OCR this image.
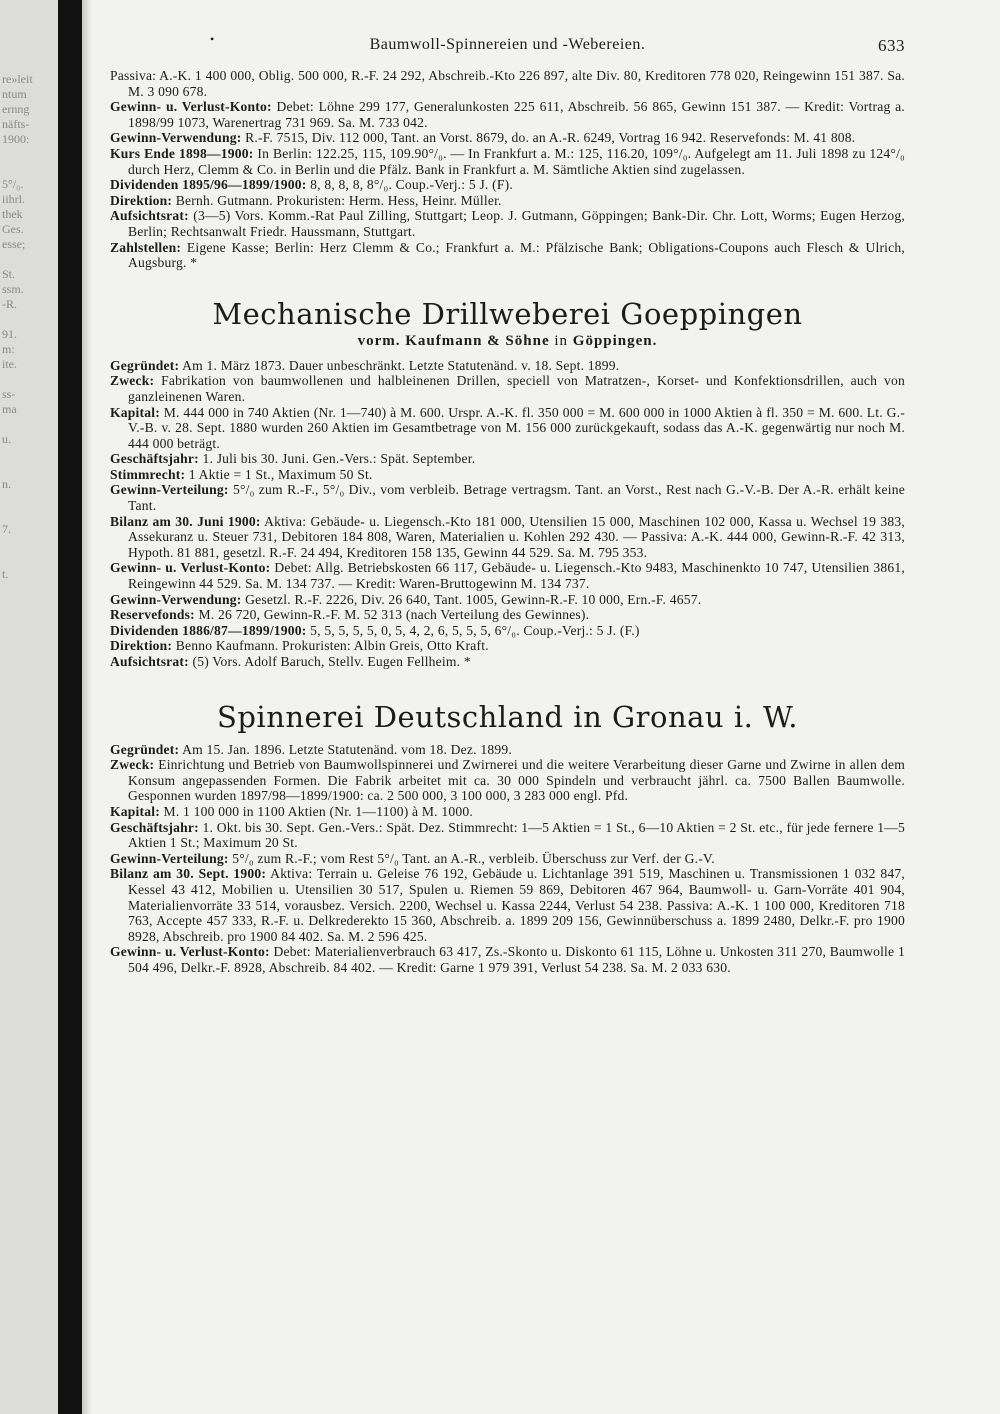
re»leit
ntum
ernng
näfts-
1900:

5°/₀.
iihrl.
thek
Ges.
esse;

St.
ssm.
-R.

91.
m:
ite.

ss-
ma

u.

n.

7.

t.
•	Baumwoll-Spinnereien und -Webereien.	633

Passiva: A.-K. 1 400 000, Oblig. 500 000, R.-F. 24 292, Abschreib.-Kto 226 897, alte Div. 80, Kreditoren 778 020, Reingewinn 151 387. Sa. M. 3 090 678.

Gewinn- u. Verlust-Konto: Debet: Löhne 299 177, Generalunkosten 225 611, Abschreib. 56 865, Gewinn 151 387. — Kredit: Vortrag a. 1898/99 1073, Warenertrag 731 969. Sa. M. 733 042.

Gewinn-Verwendung: R.-F. 7515, Div. 112 000, Tant. an Vorst. 8679, do. an A.-R. 6249, Vortrag 16 942. Reservefonds: M. 41 808.

Kurs Ende 1898—1900: In Berlin: 122.25, 115, 109.90°/₀. — In Frankfurt a. M.: 125, 116.20, 109°/₀. Aufgelegt am 11. Juli 1898 zu 124°/₀ durch Herz, Clemm & Co. in Berlin und die Pfälz. Bank in Frankfurt a. M. Sämtliche Aktien sind zugelassen.

Dividenden 1895/96—1899/1900: 8, 8, 8, 8, 8°/₀. Coup.-Verj.: 5 J. (F).

Direktion: Bernh. Gutmann. Prokuristen: Herm. Hess, Heinr. Müller.

Aufsichtsrat: (3—5) Vors. Komm.-Rat Paul Zilling, Stuttgart; Leop. J. Gutmann, Göppingen; Bank-Dir. Chr. Lott, Worms; Eugen Herzog, Berlin; Rechtsanwalt Friedr. Haussmann, Stuttgart.

Zahlstellen: Eigene Kasse; Berlin: Herz Clemm & Co.; Frankfurt a. M.: Pfälzische Bank; Obligations-Coupons auch Flesch & Ulrich, Augsburg. *

Mechanische Drillweberei Goeppingen
vorm. Kaufmann & Söhne in Göppingen.

Gegründet: Am 1. März 1873. Dauer unbeschränkt. Letzte Statutenänd. v. 18. Sept. 1899.

Zweck: Fabrikation von baumwollenen und halbleinenen Drillen, speciell von Matratzen-, Korset- und Konfektionsdrillen, auch von ganzleinenen Waren.

Kapital: M. 444 000 in 740 Aktien (Nr. 1—740) à M. 600. Urspr. A.-K. fl. 350 000 = M. 600 000 in 1000 Aktien à fl. 350 = M. 600. Lt. G.-V.-B. v. 28. Sept. 1880 wurden 260 Aktien im Gesamtbetrage von M. 156 000 zurückgekauft, sodass das A.-K. gegenwärtig nur noch M. 444 000 beträgt.

Geschäftsjahr: 1. Juli bis 30. Juni. Gen.-Vers.: Spät. September.

Stimmrecht: 1 Aktie = 1 St., Maximum 50 St.

Gewinn-Verteilung: 5°/₀ zum R.-F., 5°/₀ Div., vom verbleib. Betrage vertragsm. Tant. an Vorst., Rest nach G.-V.-B. Der A.-R. erhält keine Tant.

Bilanz am 30. Juni 1900: Aktiva: Gebäude- u. Liegensch.-Kto 181 000, Utensilien 15 000, Maschinen 102 000, Kassa u. Wechsel 19 383, Assekuranz u. Steuer 731, Debitoren 184 808, Waren, Materialien u. Kohlen 292 430. — Passiva: A.-K. 444 000, Gewinn-R.-F. 42 313, Hypoth. 81 881, gesetzl. R.-F. 24 494, Kreditoren 158 135, Gewinn 44 529. Sa. M. 795 353.

Gewinn- u. Verlust-Konto: Debet: Allg. Betriebskosten 66 117, Gebäude- u. Liegensch.-Kto 9483, Maschinenkto 10 747, Utensilien 3861, Reingewinn 44 529. Sa. M. 134 737. — Kredit: Waren-Bruttogewinn M. 134 737.

Gewinn-Verwendung: Gesetzl. R.-F. 2226, Div. 26 640, Tant. 1005, Gewinn-R.-F. 10 000, Ern.-F. 4657.

Reservefonds: M. 26 720, Gewinn-R.-F. M. 52 313 (nach Verteilung des Gewinnes).

Dividenden 1886/87—1899/1900: 5, 5, 5, 5, 5, 0, 5, 4, 2, 6, 5, 5, 5, 6°/₀. Coup.-Verj.: 5 J. (F.)

Direktion: Benno Kaufmann. Prokuristen: Albin Greis, Otto Kraft.

Aufsichtsrat: (5) Vors. Adolf Baruch, Stellv. Eugen Fellheim. *

Spinnerei Deutschland in Gronau i. W.

Gegründet: Am 15. Jan. 1896. Letzte Statutenänd. vom 18. Dez. 1899.

Zweck: Einrichtung und Betrieb von Baumwollspinnerei und Zwirnerei und die weitere Verarbeitung dieser Garne und Zwirne in allen dem Konsum angepassenden Formen. Die Fabrik arbeitet mit ca. 30 000 Spindeln und verbraucht jährl. ca. 7500 Ballen Baumwolle. Gesponnen wurden 1897/98—1899/1900: ca. 2 500 000, 3 100 000, 3 283 000 engl. Pfd.

Kapital: M. 1 100 000 in 1100 Aktien (Nr. 1—1100) à M. 1000.

Geschäftsjahr: 1. Okt. bis 30. Sept. Gen.-Vers.: Spät. Dez. Stimmrecht: 1—5 Aktien = 1 St., 6—10 Aktien = 2 St. etc., für jede fernere 1—5 Aktien 1 St.; Maximum 20 St.

Gewinn-Verteilung: 5°/₀ zum R.-F.; vom Rest 5°/₀ Tant. an A.-R., verbleib. Überschuss zur Verf. der G.-V.

Bilanz am 30. Sept. 1900: Aktiva: Terrain u. Geleise 76 192, Gebäude u. Lichtanlage 391 519, Maschinen u. Transmissionen 1 032 847, Kessel 43 412, Mobilien u. Utensilien 30 517, Spulen u. Riemen 59 869, Debitoren 467 964, Baumwoll- u. Garn-Vorräte 401 904, Materialienvorräte 33 514, vorausbez. Versich. 2200, Wechsel u. Kassa 2244, Verlust 54 238. Passiva: A.-K. 1 100 000, Kreditoren 718 763, Accepte 457 333, R.-F. u. Delkrederekto 15 360, Abschreib. a. 1899 209 156, Gewinnüberschuss a. 1899 2480, Delkr.-F. pro 1900 8928, Abschreib. pro 1900 84 402. Sa. M. 2 596 425.

Gewinn- u. Verlust-Konto: Debet: Materialienverbrauch 63 417, Zs.-Skonto u. Diskonto 61 115, Löhne u. Unkosten 311 270, Baumwolle 1 504 496, Delkr.-F. 8928, Abschreib. 84 402. — Kredit: Garne 1 979 391, Verlust 54 238. Sa. M. 2 033 630.
